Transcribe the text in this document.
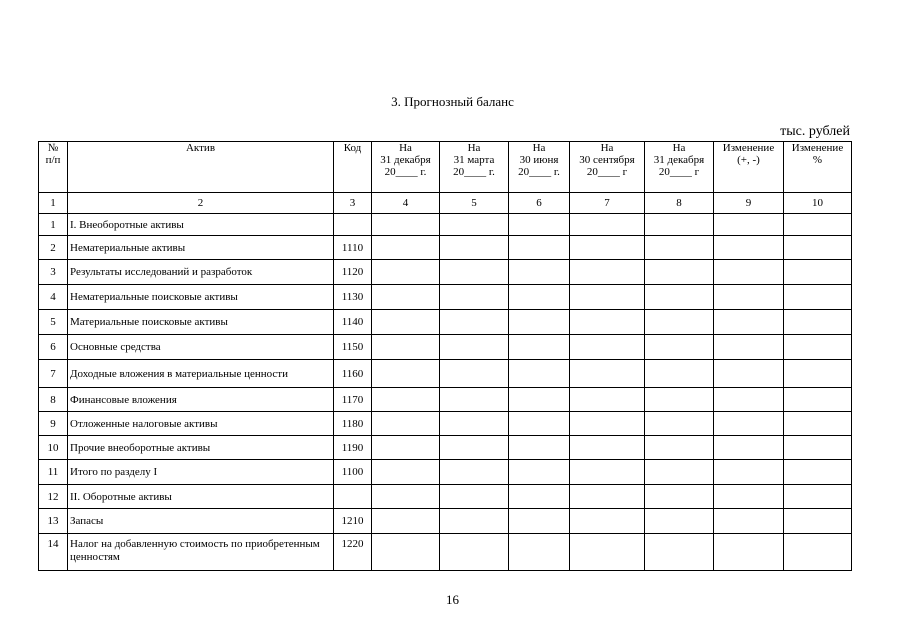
3. Прогнозный баланс
тыс. рублей
№
п/п	Актив	Код	На
31 декабря
20____ г.	На
31 марта
20____ г.	На
30 июня
20____ г.	На
30 сентября
20____ г	На
31 декабря
20____ г	Изменение
(+, -)	Изменение
%

1	2	3	4	5	6	7	8	9	10
1	I. Внеоборотные активы								
2	Нематериальные активы	1110							
3	Результаты исследований и разработок	1120							
4	Нематериальные поисковые активы	1130							
5	Материальные поисковые активы	1140							
6	Основные средства	1150							
7	Доходные вложения в материальные ценности	1160							
8	Финансовые вложения	1170							
9	Отложенные налоговые активы	1180							
10	Прочие внеоборотные активы	1190							
11	Итого по разделу I	1100							
12	II. Оборотные активы								
13	Запасы	1210							
14	Налог на добавленную стоимость по приобретенным ценностям	1220							
16
